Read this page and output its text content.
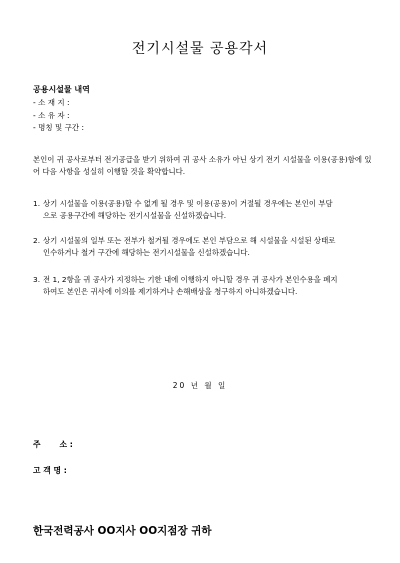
전기시설물 공용각서
공용시설물 내역
- 소 재 지 :
- 소 유 자 :
- 명칭 및 구간 :
본인이 귀 공사로부터 전기공급을 받기 위하여 귀 공사 소유가 아닌 상기 전기 시설물을 이용(공용)함에 있어 다음 사항을 성실히 이행할 것을 확약합니다.
1. 상기 시설물을 이용(공용)할 수 없게 될 경우 및 이용(공용)이 거절될 경우에는 본인이 부담
으로 공용구간에 해당하는 전기시설물을 신설하겠습니다.
2. 상기 시설물의 일부 또는 전부가 철거될 경우에도 본인 부담으로 해 시설물을 시설된 상태로
인수하거나 철거 구간에 해당하는 전기시설물을 신설하겠습니다.
3. 전 1, 2항을 귀 공사가 지정하는 기한 내에 이행하지 아니할 경우 귀 공사가 본인수용을 폐지
하여도 본인은 귀사에 이의를 제기하거나 손해배상을 청구하지 아니하겠습니다.
20 년 월 일
주       소 :
고 객 명 :
한국전력공사 OO지사 OO지점장 귀하
